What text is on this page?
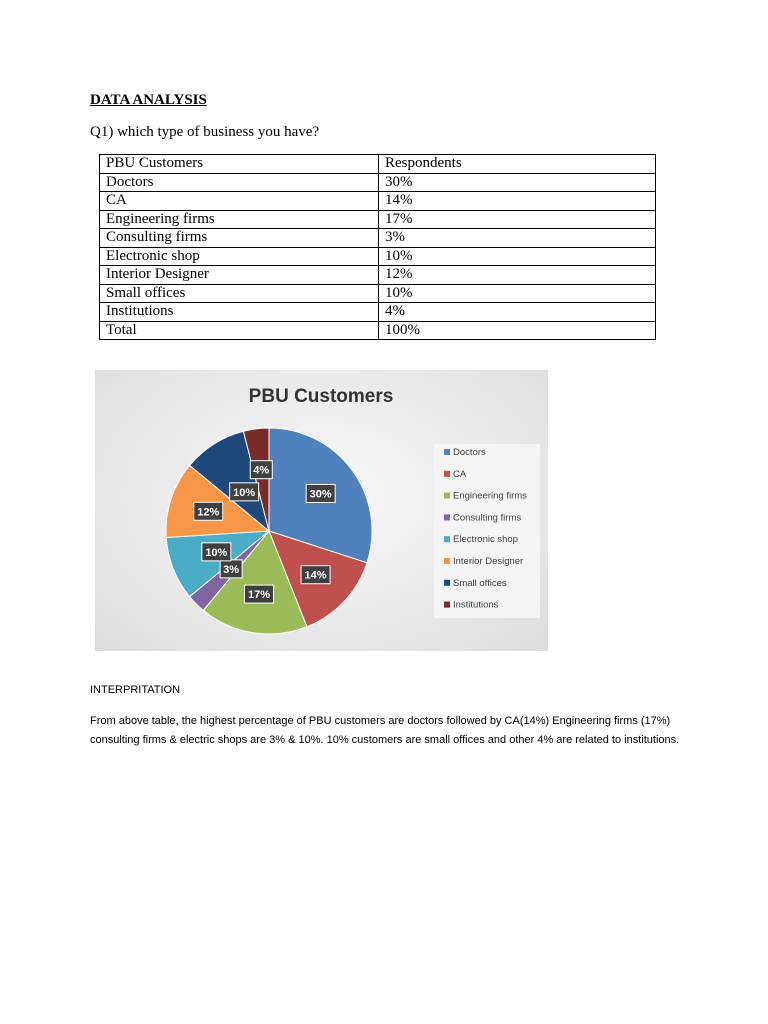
DATA ANALYSIS

Q1) which type of business you have?

PBU Customers	Respondents
Doctors	30%
CA	14%
Engineering firms	17%
Consulting firms	3%
Electronic shop	10%
Interior Designer	12%
Small offices	10%
Institutions	4%
Total	100%
PBU Customers
30%
14%
17%
3%
10%
12%
10%
4%
Doctors
CA
Engineering firms
Consulting firms
Electronic shop
Interior Designer
Small offices
Institutions

INTERPRITATION

From above table, the highest percentage of PBU customers are doctors followed by CA(14%) Engineering firms (17%) consulting firms & electric shops are 3% & 10%. 10% customers are small offices and other 4% are related to institutions.
